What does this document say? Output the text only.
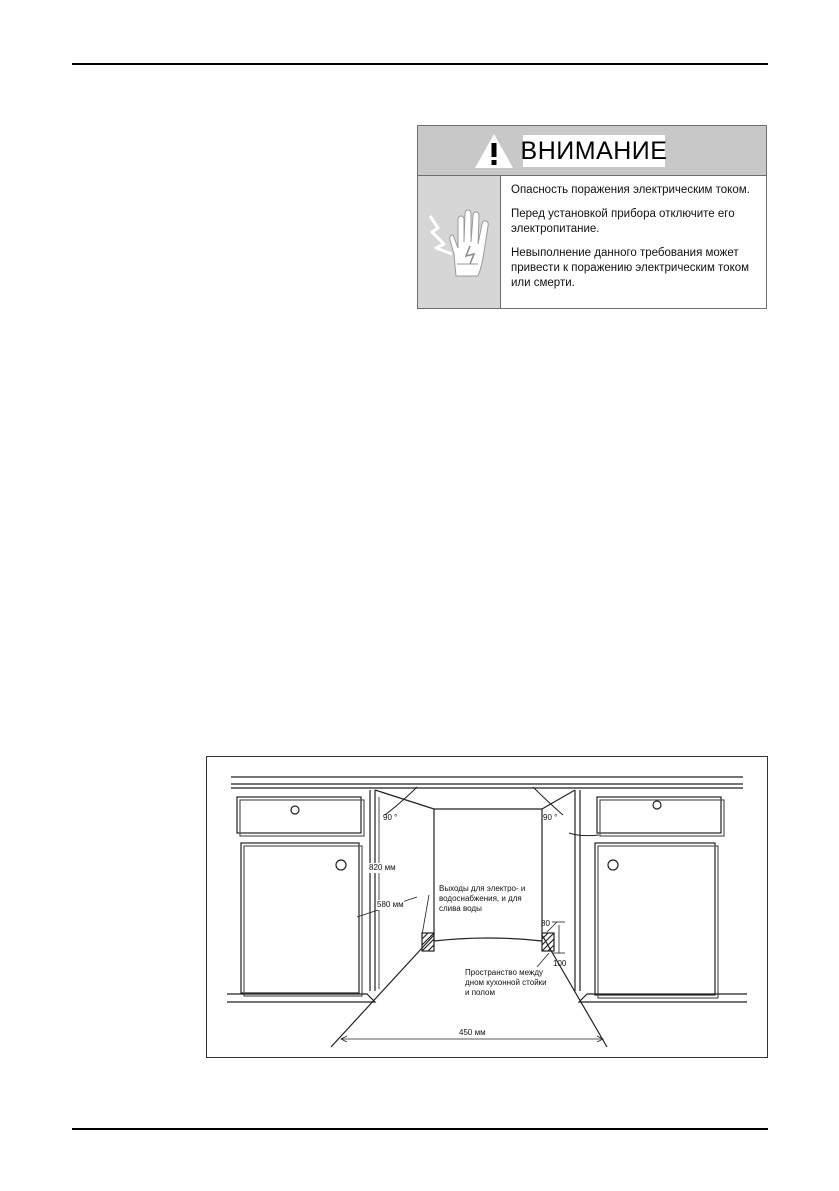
ВНИМАНИЕ

Опасность поражения электрическим током.

Перед установкой прибора отключите его электропитание.

Невыполнение данного требования может привести к поражению электрическим током или смерти.

90 °	90 °
820 мм
580 мм
Выходы для электро- и
водоснабжения, и для
слива воды
80
100
Пространство между
дном кухонной стойки
и полом
450 мм
